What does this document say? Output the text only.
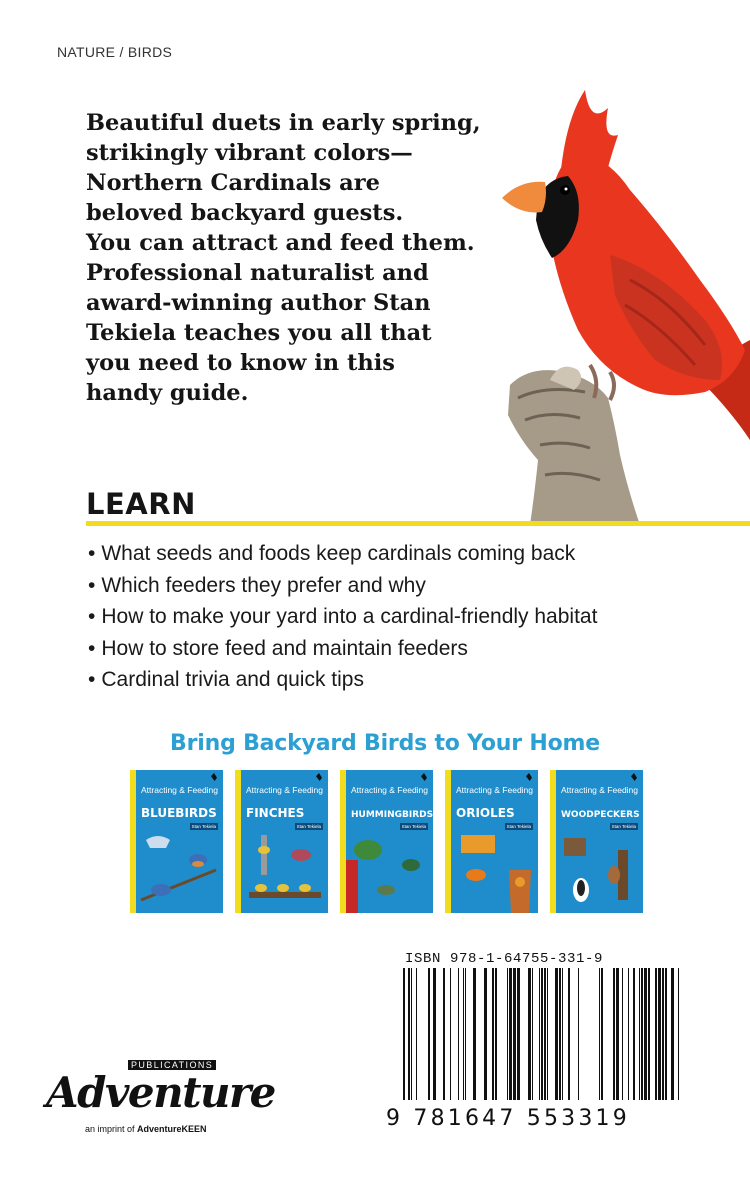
NATURE / BIRDS
Beautiful duets in early spring,
strikingly vibrant colors—
Northern Cardinals are
beloved backyard guests.
You can attract and feed them.
Professional naturalist and
award-winning author Stan
Tekiela teaches you all that
you need to know in this
handy guide.
LEARN
• What seeds and foods keep cardinals coming back
• Which feeders they prefer and why
• How to make your yard into a cardinal-friendly habitat
• How to store feed and maintain feeders
• Cardinal trivia and quick tips
Bring Backyard Birds to Your Home
Attracting & Feeding
BLUEBIRDS
Stan Tekiela
Attracting & Feeding
FINCHES
Stan Tekiela
Attracting & Feeding
HUMMINGBIRDS
Stan Tekiela
Attracting & Feeding
ORIOLES
Stan Tekiela
Attracting & Feeding
WOODPECKERS
Stan Tekiela
ISBN 978-1-64755-331-9
9 781647 553319
PUBLICATIONS
Adventure
an imprint of AdventureKEEN
